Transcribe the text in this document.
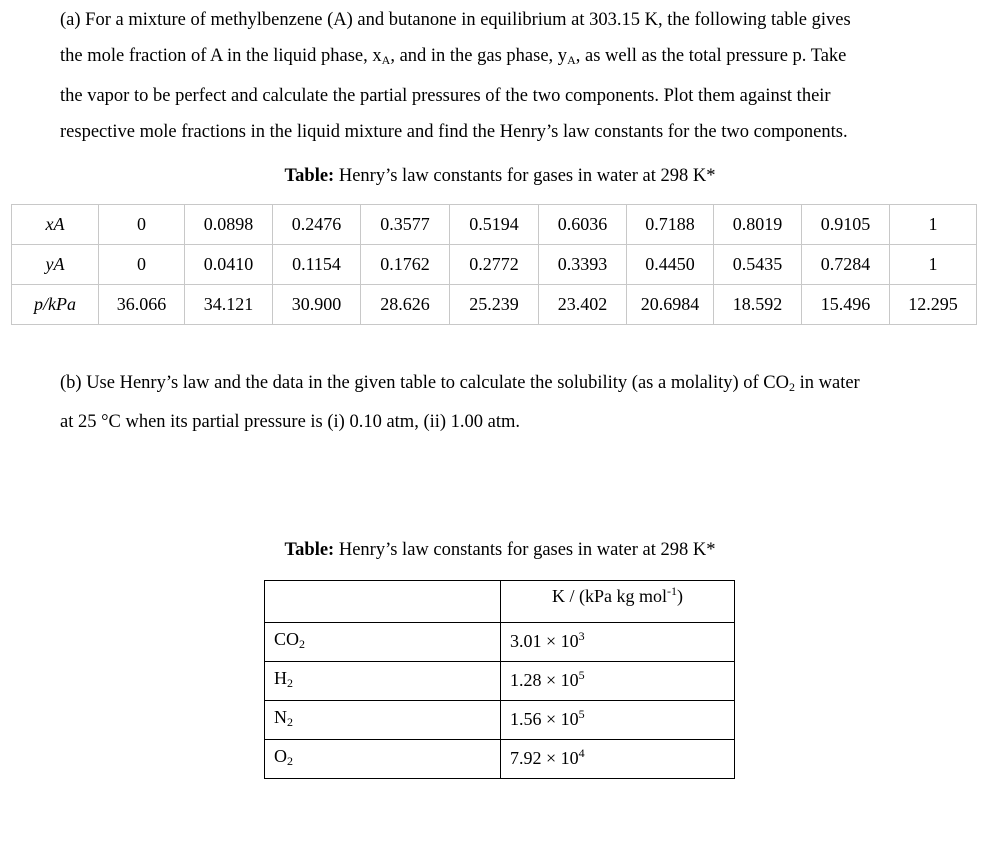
(a) For a mixture of methylbenzene (A) and butanone in equilibrium at 303.15 K, the following table gives
the mole fraction of A in the liquid phase, $x_A$, and in the gas phase, $y_A$, as well as the total pressure p. Take
the vapor to be perfect and calculate the partial pressures of the two components. Plot them against their
respective mole fractions in the liquid mixture and find the Henry’s law constants for the two components.
Table: Henry’s law constants for gases in water at 298 K*
xA	0	0.0898	0.2476	0.3577	0.5194	0.6036	0.7188	0.8019	0.9105	1
yA	0	0.0410	0.1154	0.1762	0.2772	0.3393	0.4450	0.5435	0.7284	1
p/kPa	36.066	34.121	30.900	28.626	25.239	23.402	20.6984	18.592	15.496	12.295
(b) Use Henry’s law and the data in the given table to calculate the solubility (as a molality) of $CO_2$ in water
at 25 °C when its partial pressure is (i) 0.10 atm, (ii) 1.00 atm.
Table: Henry’s law constants for gases in water at 298 K*
	K / (kPa kg mol$^{-1}$)
$CO_2$	$3.01 \times 10^3$
$H_2$	$1.28 \times 10^5$
$N_2$	$1.56 \times 10^5$
$O_2$	$7.92 \times 10^4$
